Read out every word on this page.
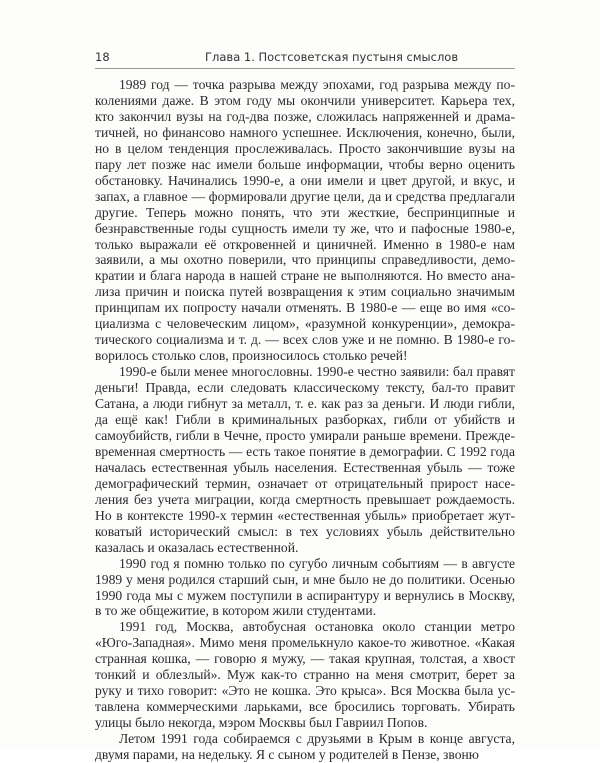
18	Глава 1. Постсоветская пустыня смыслов

1989 год — точка разрыва между эпохами, год разрыва между поколениями даже. В этом году мы окончили университет. Карьера тех, кто закончил вузы на год-два позже, сложилась напряженней и драматичней, но финансово намного успешнее. Исключения, конечно, были, но в целом тенденция прослеживалась. Просто закончившие вузы на пару лет позже нас имели больше информации, чтобы верно оценить обстановку. Начинались 1990-е, а они имели и цвет другой, и вкус, и запах, а главное — формировали другие цели, да и средства предлагали другие. Теперь можно понять, что эти жесткие, беспринципные и безнравственные годы сущность имели ту же, что и пафосные 1980-е, только выражали её откровенней и циничней. Именно в 1980-е нам заявили, а мы охотно поверили, что принципы справедливости, демократии и блага народа в нашей стране не выполняются. Но вместо анализа причин и поиска путей возвращения к этим социально значимым принципам их попросту начали отменять. В 1980-е — еще во имя «социализма с человеческим лицом», «разумной конкуренции», демократического социализма и т. д. — всех слов уже и не помню. В 1980-е говорилось столько слов, произносилось столько речей!

1990-е были менее многословны. 1990-е честно заявили: бал правят деньги! Правда, если следовать классическому тексту, бал-то правит Сатана, а люди гибнут за металл, т. е. как раз за деньги. И люди гибли, да ещё как! Гибли в криминальных разборках, гибли от убийств и самоубийств, гибли в Чечне, просто умирали раньше времени. Преждевременная смертность — есть такое понятие в демографии. С 1992 года началась естественная убыль населения. Естественная убыль — тоже демографический термин, означает от отрицательный прирост населения без учета миграции, когда смертность превышает рождаемость. Но в контексте 1990-х термин «естественная убыль» приобретает жутковатый исторический смысл: в тех условиях убыль действительно казалась и оказалась естественной.

1990 год я помню только по сугубо личным событиям — в августе 1989 у меня родился старший сын, и мне было не до политики. Осенью 1990 года мы с мужем поступили в аспирантуру и вернулись в Москву, в то же общежитие, в котором жили студентами.

1991 год, Москва, автобусная остановка около станции метро «Юго-Западная». Мимо меня промелькнуло какое-то животное. «Какая странная кошка, — говорю я мужу, — такая крупная, толстая, а хвост тонкий и облезлый». Муж как-то странно на меня смотрит, берет за руку и тихо говорит: «Это не кошка. Это крыса». Вся Москва была уставлена коммерческими ларьками, все бросились торговать. Убирать улицы было некогда, мэром Москвы был Гавриил Попов.

Летом 1991 года собираемся с друзьями в Крым в конце августа, двумя парами, на недельку. Я с сыном у родителей в Пензе, звоню
